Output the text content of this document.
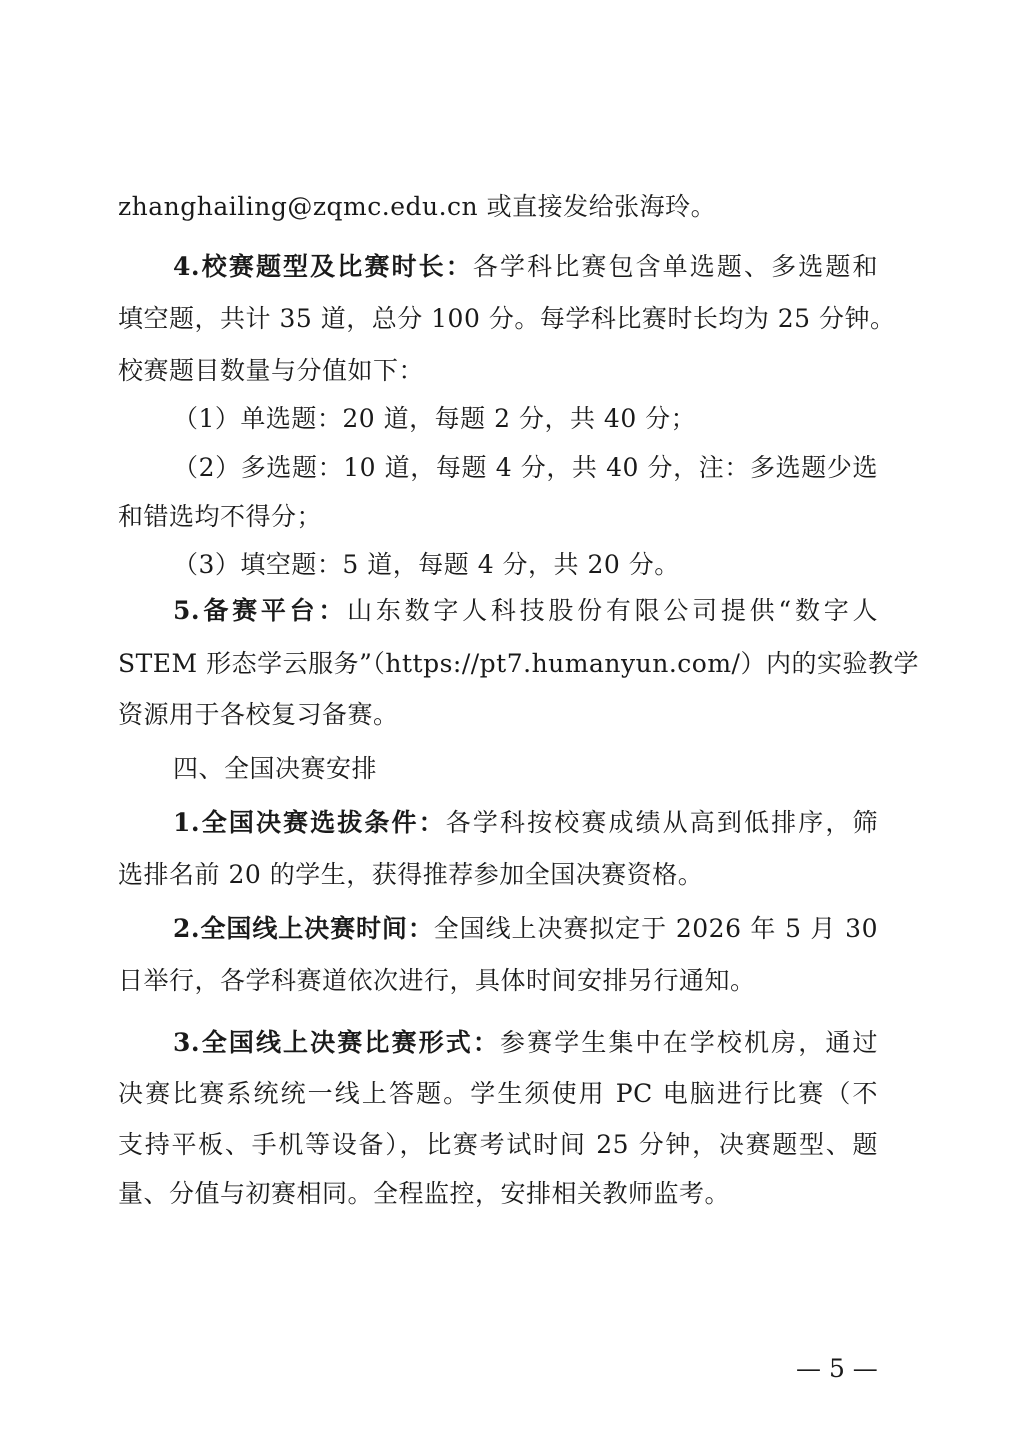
zhanghailing@zqmc.edu.cn 或直接发给张海玲。
4.校赛题型及比赛时长：各学科比赛包含单选题、多选题和
填空题，共计 35 道，总分 100 分。每学科比赛时长均为 25 分钟。
校赛题目数量与分值如下：
（1）单选题：20 道，每题 2 分，共 40 分；
（2）多选题：10 道，每题 4 分，共 40 分，注：多选题少选
和错选均不得分；
（3）填空题：5 道，每题 4 分，共 20 分。
5.备赛平台：山东数字人科技股份有限公司提供“数字人
STEM 形态学云服务”（https://pt7.humanyun.com/）内的实验教学
资源用于各校复习备赛。
四、全国决赛安排
1.全国决赛选拔条件：各学科按校赛成绩从高到低排序，筛
选排名前 20 的学生，获得推荐参加全国决赛资格。
2.全国线上决赛时间：全国线上决赛拟定于 2026 年 5 月 30
日举行，各学科赛道依次进行，具体时间安排另行通知。
3.全国线上决赛比赛形式：参赛学生集中在学校机房，通过
决赛比赛系统统一线上答题。学生须使用 PC 电脑进行比赛（不
支持平板、手机等设备），比赛考试时间 25 分钟，决赛题型、题
量、分值与初赛相同。全程监控，安排相关教师监考。
— 5 —
